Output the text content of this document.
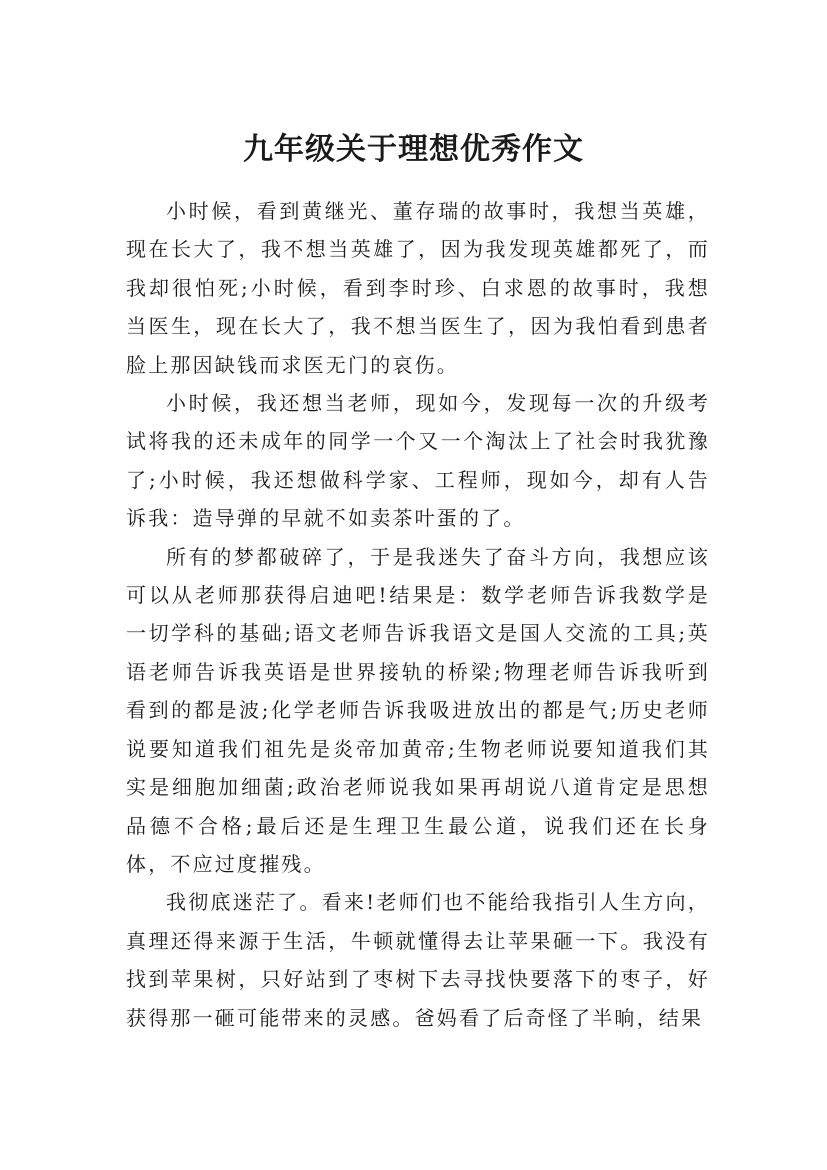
九年级关于理想优秀作文

小时候，看到黄继光、董存瑞的故事时，我想当英雄，现在长大了，我不想当英雄了，因为我发现英雄都死了，而我却很怕死;小时候，看到李时珍、白求恩的故事时，我想当医生，现在长大了，我不想当医生了，因为我怕看到患者脸上那因缺钱而求医无门的哀伤。

小时候，我还想当老师，现如今，发现每一次的升级考试将我的还未成年的同学一个又一个淘汰上了社会时我犹豫了;小时候，我还想做科学家、工程师，现如今，却有人告诉我：造导弹的早就不如卖茶叶蛋的了。

所有的梦都破碎了，于是我迷失了奋斗方向，我想应该可以从老师那获得启迪吧!结果是：数学老师告诉我数学是一切学科的基础;语文老师告诉我语文是国人交流的工具;英语老师告诉我英语是世界接轨的桥梁;物理老师告诉我听到看到的都是波;化学老师告诉我吸进放出的都是气;历史老师说要知道我们祖先是炎帝加黄帝;生物老师说要知道我们其实是细胞加细菌;政治老师说我如果再胡说八道肯定是思想品德不合格;最后还是生理卫生最公道，说我们还在长身体，不应过度摧残。

我彻底迷茫了。看来!老师们也不能给我指引人生方向，真理还得来源于生活，牛顿就懂得去让苹果砸一下。我没有找到苹果树，只好站到了枣树下去寻找快要落下的枣子，好获得那一砸可能带来的灵感。爸妈看了后奇怪了半晌，结果
